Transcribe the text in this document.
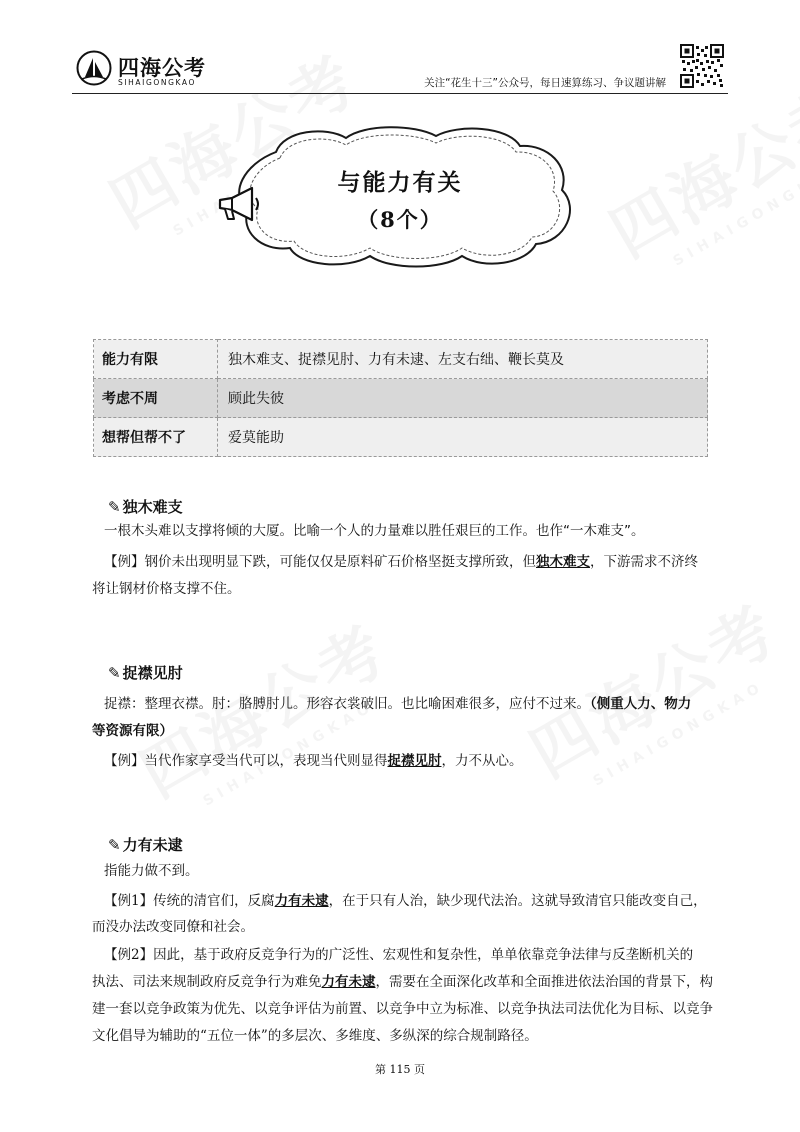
四海公考
SIHAIGONGKAO	关注“花生十三”公众号，每日速算练习、争议题讲解
与能力有关
（8个）
能力有限	独木难支、捉襟见肘、力有未逮、左支右绌、鞭长莫及
考虑不周	顾此失彼
想帮但帮不了	爱莫能助
✎ 独木难支
一根木头难以支撑将倾的大厦。比喻一个人的力量难以胜任艰巨的工作。也作“一木难支”。
【例】钢价未出现明显下跌，可能仅仅是原料矿石价格坚挺支撑所致，但独木难支，下游需求不济终
将让钢材价格支撑不住。
✎ 捉襟见肘
捉襟：整理衣襟。肘：胳膊肘儿。形容衣裳破旧。也比喻困难很多，应付不过来。（侧重人力、物力
等资源有限）
【例】当代作家享受当代可以，表现当代则显得捉襟见肘，力不从心。
✎ 力有未逮
指能力做不到。
【例1】传统的清官们，反腐力有未逮，在于只有人治，缺少现代法治。这就导致清官只能改变自己，
而没办法改变同僚和社会。
【例2】因此，基于政府反竞争行为的广泛性、宏观性和复杂性，单单依靠竞争法律与反垄断机关的
执法、司法来规制政府反竞争行为难免力有未逮，需要在全面深化改革和全面推进依法治国的背景下，构
建一套以竞争政策为优先、以竞争评估为前置、以竞争中立为标准、以竞争执法司法优化为目标、以竞争
文化倡导为辅助的“五位一体”的多层次、多维度、多纵深的综合规制路径。
第 115 页
